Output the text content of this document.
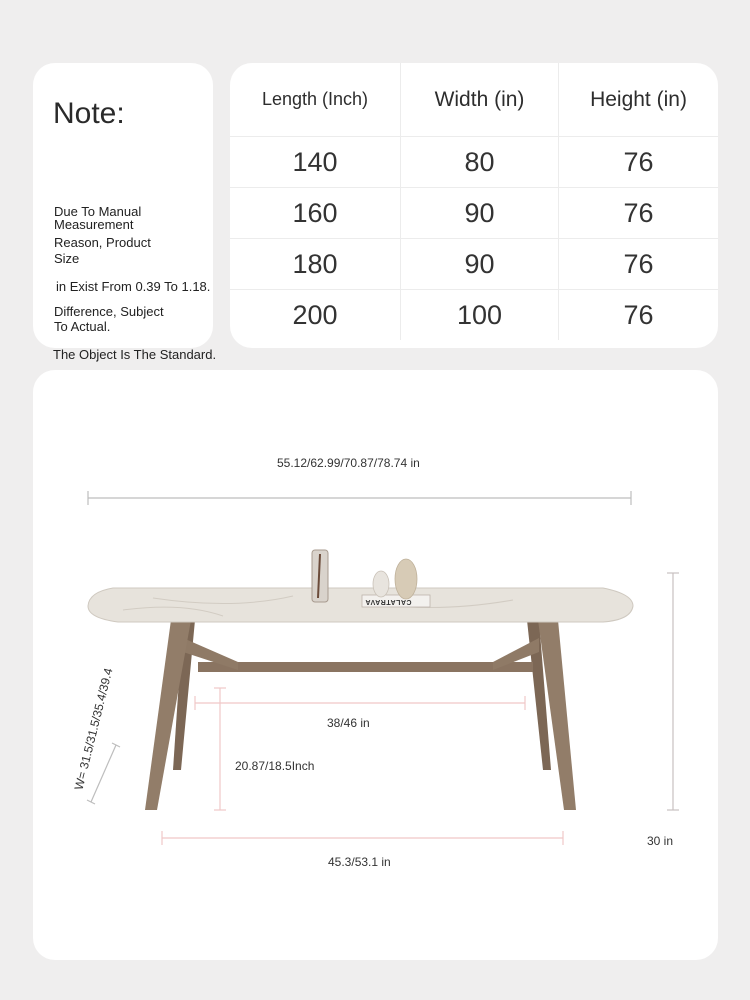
Note:
Due To Manual
Measurement
Reason, Product
Size
in Exist From 0.39 To 1.18.
Difference, Subject
To Actual.
The Object Is The Standard.
Length (Inch)	Width (in)	Height (in)
140	80	76
160	90	76
180	90	76
200	100	76
55.12/62.99/70.87/78.74 in
38/46 in
20.87/18.5Inch
45.3/53.1 in
30 in
CALATRAVA
W= 31.5/31.5/35.4/39.4
